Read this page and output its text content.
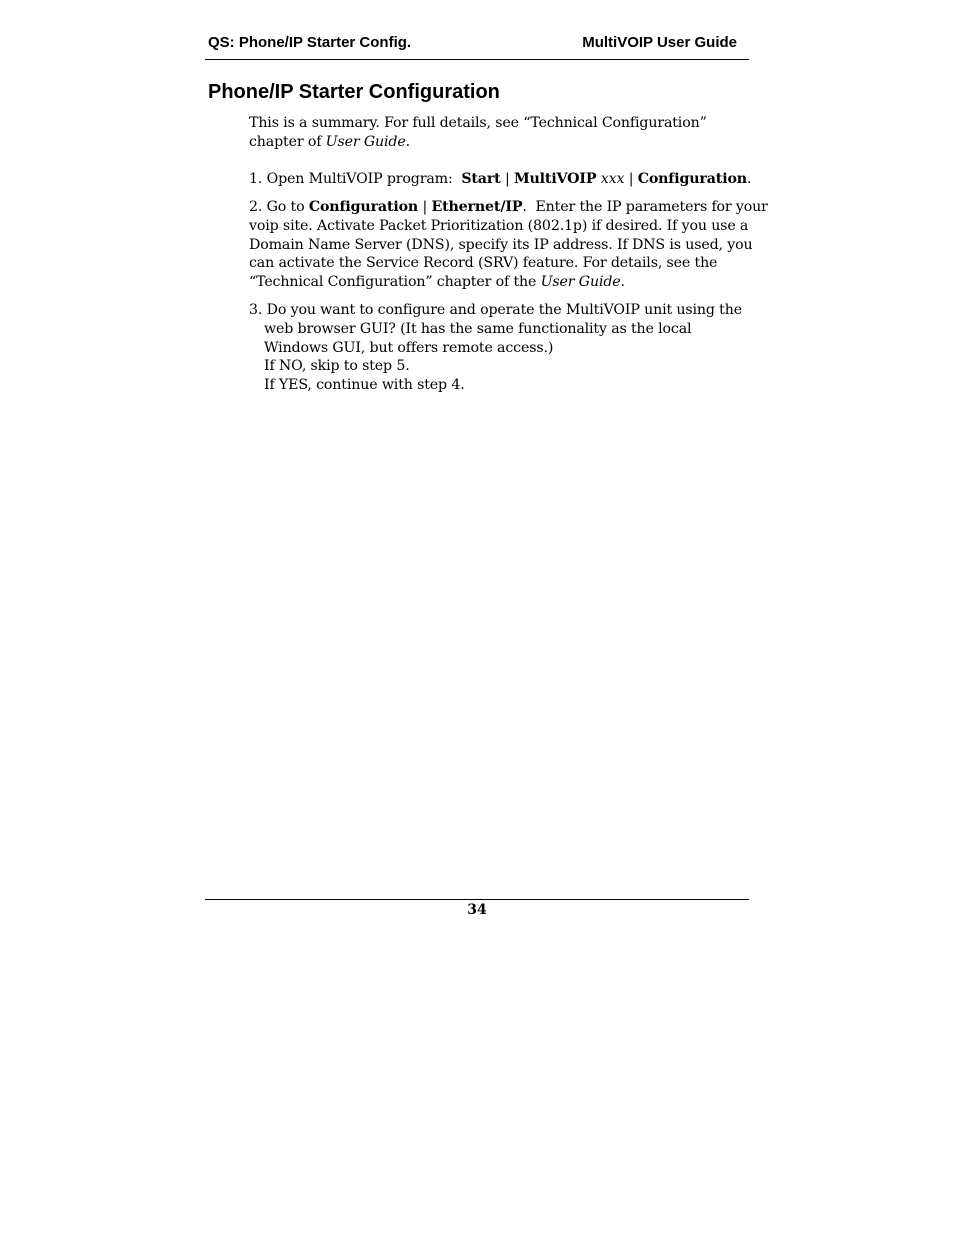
QS: Phone/IP Starter Config.	MultiVOIP User Guide
Phone/IP Starter Configuration

This is a summary. For full details, see “Technical Configuration”
chapter of User Guide.

1. Open MultiVOIP program:  Start | MultiVOIP xxx | Configuration.

2. Go to Configuration | Ethernet/IP.  Enter the IP parameters for your
voip site. Activate Packet Prioritization (802.1p) if desired. If you use a
Domain Name Server (DNS), specify its IP address. If DNS is used, you
can activate the Service Record (SRV) feature. For details, see the
“Technical Configuration” chapter of the User Guide.

3. Do you want to configure and operate the MultiVOIP unit using the
web browser GUI? (It has the same functionality as the local
Windows GUI, but offers remote access.)
If NO, skip to step 5.
If YES, continue with step 4.

34
